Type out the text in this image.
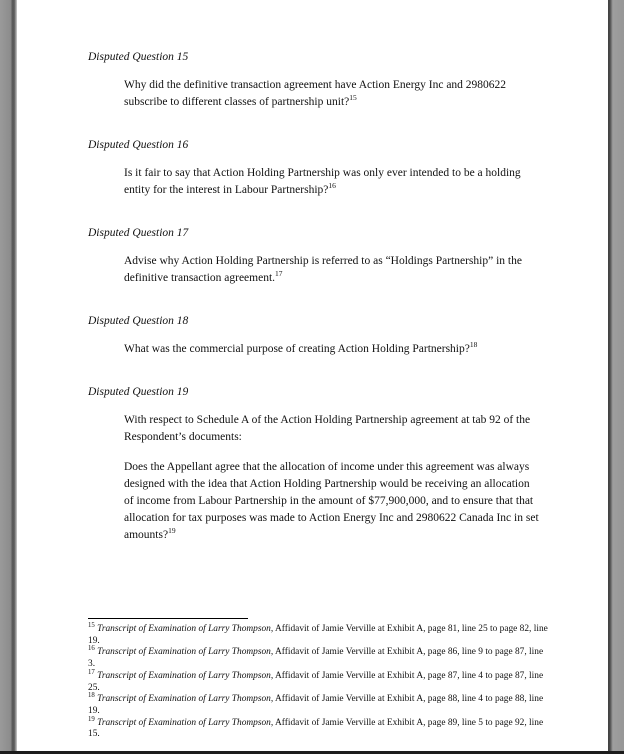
Disputed Question 15

Why did the definitive transaction agreement have Action Energy Inc and 2980622 subscribe to different classes of partnership unit?$^{15}$

Disputed Question 16

Is it fair to say that Action Holding Partnership was only ever intended to be a holding entity for the interest in Labour Partnership?$^{16}$

Disputed Question 17

Advise why Action Holding Partnership is referred to as “Holdings Partnership” in the definitive transaction agreement.$^{17}$

Disputed Question 18

What was the commercial purpose of creating Action Holding Partnership?$^{18}$

Disputed Question 19

With respect to Schedule A of the Action Holding Partnership agreement at tab 92 of the Respondent’s documents:

Does the Appellant agree that the allocation of income under this agreement was always designed with the idea that Action Holding Partnership would be receiving an allocation of income from Labour Partnership in the amount of $77,900,000, and to ensure that that allocation for tax purposes was made to Action Energy Inc and 2980622 Canada Inc in set amounts?$^{19}$

$^{15}$ Transcript of Examination of Larry Thompson, Affidavit of Jamie Verville at Exhibit A, page 81, line 25 to page 82, line 19.

$^{16}$ Transcript of Examination of Larry Thompson, Affidavit of Jamie Verville at Exhibit A, page 86, line 9 to page 87, line 3.

$^{17}$ Transcript of Examination of Larry Thompson, Affidavit of Jamie Verville at Exhibit A, page 87, line 4 to page 87, line 25.

$^{18}$ Transcript of Examination of Larry Thompson, Affidavit of Jamie Verville at Exhibit A, page 88, line 4 to page 88, line 19.

$^{19}$ Transcript of Examination of Larry Thompson, Affidavit of Jamie Verville at Exhibit A, page 89, line 5 to page 92, line 15.
